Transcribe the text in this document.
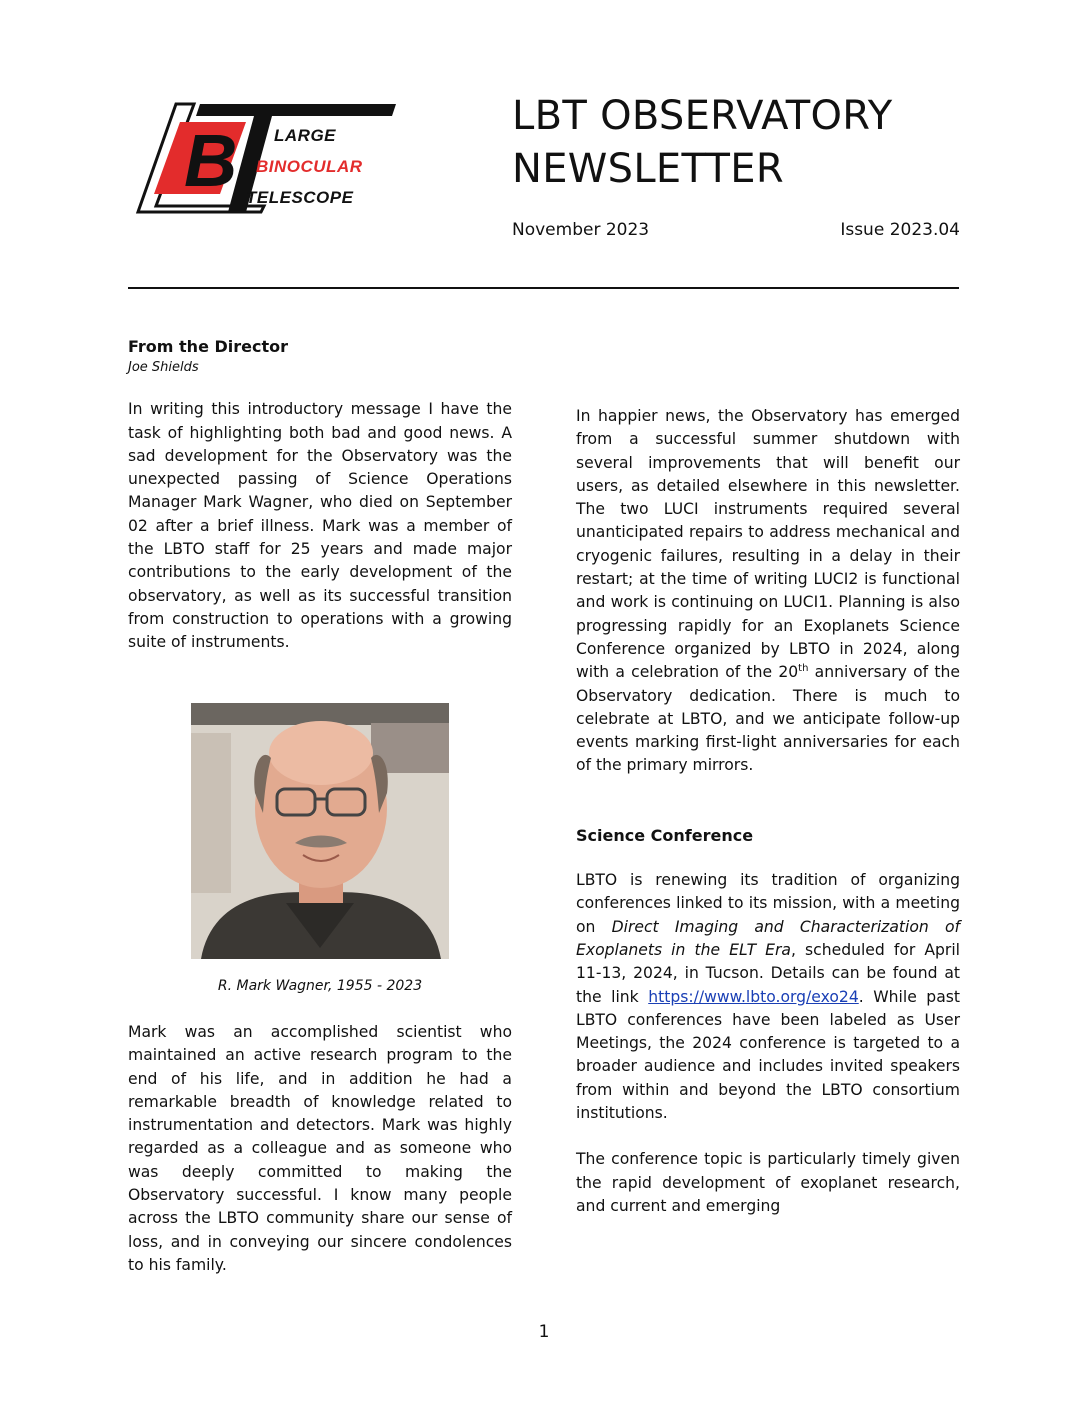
B LARGE
BINOCULAR
TELESCOPE
LBT OBSERVATORY
NEWSLETTER
November 2023	Issue 2023.04
From the Director
Joe Shields

In writing this introductory message I have the task of highlighting both bad and good news. A sad development for the Observatory was the unexpected passing of Science Operations Manager Mark Wagner, who died on September 02 after a brief illness. Mark was a member of the LBTO staff for 25 years and made major contributions to the early development of the observatory, as well as its successful transition from construction to operations with a growing suite of instruments.

R. Mark Wagner, 1955 - 2023

Mark was an accomplished scientist who maintained an active research program to the end of his life, and in addition he had a remarkable breadth of knowledge related to instrumentation and detectors. Mark was highly regarded as a colleague and as someone who was deeply committed to making the Observatory successful. I know many people across the LBTO community share our sense of loss, and in conveying our sincere condolences to his family.

In happier news, the Observatory has emerged from a successful summer shutdown with several improvements that will benefit our users, as detailed elsewhere in this newsletter. The two LUCI instruments required several unanticipated repairs to address mechanical and cryogenic failures, resulting in a delay in their restart; at the time of writing LUCI2 is functional and work is continuing on LUCI1. Planning is also progressing rapidly for an Exoplanets Science Conference organized by LBTO in 2024, along with a celebration of the 20th anniversary of the Observatory dedication. There is much to celebrate at LBTO, and we anticipate follow-up events marking first-light anniversaries for each of the primary mirrors.

Science Conference

LBTO is renewing its tradition of organizing conferences linked to its mission, with a meeting on Direct Imaging and Characterization of Exoplanets in the ELT Era, scheduled for April 11-13, 2024, in Tucson. Details can be found at the link https://www.lbto.org/exo24. While past LBTO conferences have been labeled as User Meetings, the 2024 conference is targeted to a broader audience and includes invited speakers from within and beyond the LBTO consortium institutions.

The conference topic is particularly timely given the rapid development of exoplanet research, and current and emerging

1
